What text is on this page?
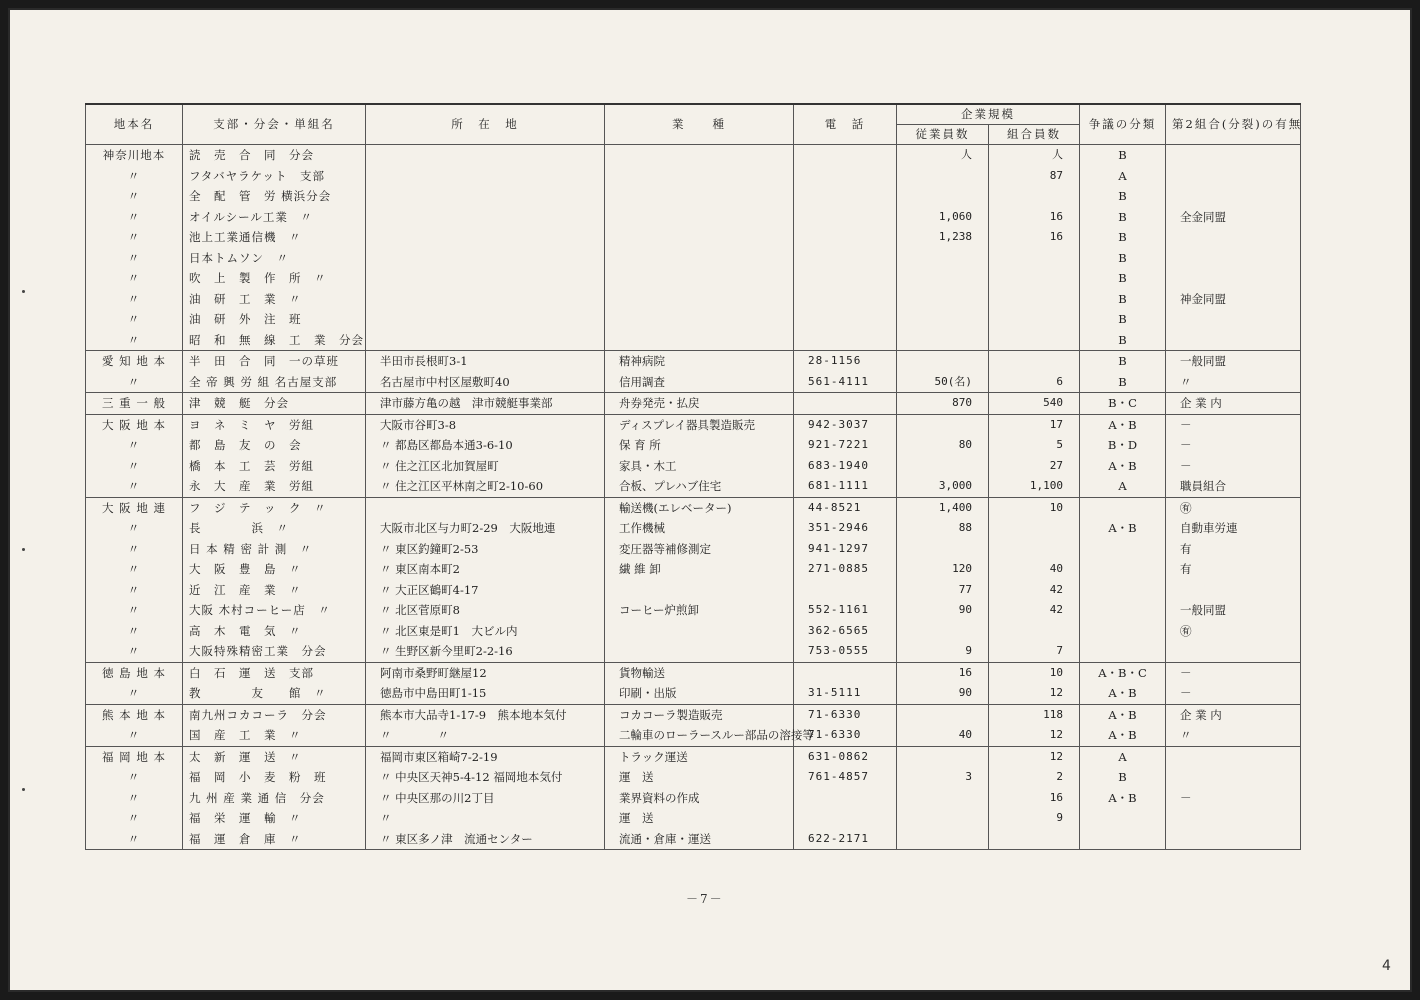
地本名	支部・分会・単組名	所　在　地	業　　種	電　話	企業規模		争議の分類	第2組合(分裂)の有無
					従業員数	組合員数		
神奈川地本	読　売　合　同　分会				人	人	B	
〃	フタバヤラケット　支部					87	A	
〃	全　配　管　労 横浜分会						B	
〃	オイルシール工業　〃				1,060	16	B	全金同盟
〃	池上工業通信機　〃				1,238	16	B	
〃	日本トムソン　〃						B	
〃	吹　上　製　作　所　〃						B	
〃	油　研　工　業　〃						B	神金同盟
〃	油　研　外　注　班						B	
〃	昭　和　無　線　工　業　分会						B	
愛 知 地 本	半　田　合　同　一の草班	半田市長根町3-1	精神病院	28-1156			B	一般同盟
〃	全 帝 興 労 組 名古屋支部	名古屋市中村区屋敷町40	信用調査	561-4111	50(名)	6	B	〃
三 重 一 般	津　競　艇　分会	津市藤方亀の越　津市競艇事業部	舟券発売・払戻		870	540	B・C	企 業 内
大 阪 地 本	ヨ　ネ　ミ　ヤ　労組	大阪市谷町3-8	ディスプレイ器具製造販売	942-3037		17	A・B	－
〃	都　島　友　の　会	〃 都島区都島本通3-6-10	保 育 所	921-7221	80	5	B・D	－
〃	橋　本　工　芸　労組	〃 住之江区北加賀屋町	家具・木工	683-1940		27	A・B	－
〃	永　大　産　業　労組	〃 住之江区平林南之町2-10-60	合板、プレハブ住宅	681-1111	3,000	1,100	A	職員組合
大 阪 地 連	フ　ジ　テ　ッ　ク　〃		輸送機(エレベーター)	44-8521	1,400	10		㊒
〃	長　　　　浜　〃	大阪市北区与力町2-29　大阪地連	工作機械	351-2946	88		A・B	自動車労連
〃	日 本 精 密 計 測　〃	〃 東区釣鐘町2-53	変圧器等補修測定	941-1297				有
〃	大　阪　豊　島　〃	〃 東区南本町2	繊 維 卸	271-0885	120	40		有
〃	近　江　産　業　〃	〃 大正区鶴町4-17			77	42		
〃	大阪 木村コーヒー店　〃	〃 北区菅原町8	コーヒー炉煎卸	552-1161	90	42		一般同盟
〃	高　木　電　気　〃	〃 北区東是町1　大ビル内		362-6565				㊒
〃	大阪特殊精密工業　分会	〃 生野区新今里町2-2-16		753-0555	9	7		
徳 島 地 本	白　石　運　送　支部	阿南市桑野町継屋12	貨物輸送		16	10	A・B・C	－
〃	教　　　　友　　館　〃	徳島市中島田町1-15	印刷・出版	31-5111	90	12	A・B	－
熊 本 地 本	南九州コカコーラ　分会	熊本市大品寺1-17-9　熊本地本気付	コカコーラ製造販売	71-6330		118	A・B	企 業 内
〃	国　産　工　業　〃	〃　　　　〃	二輪車のローラースルー部品の溶接等	71-6330	40	12	A・B	〃
福 岡 地 本	太　新　運　送　〃	福岡市東区箱崎7-2-19	トラック運送	631-0862		12	A	
〃	福　岡　小　麦　粉　班	〃 中央区天神5-4-12 福岡地本気付	運　送	761-4857	3	2	B	
〃	九 州 産 業 通 信　分会	〃 中央区那の川2丁目	業界資料の作成			16	A・B	－
〃	福　栄　運　輸　〃	〃	運　送			9		
〃	福　運　倉　庫　〃	〃 東区多ノ津　流通センター	流通・倉庫・運送	622-2171				
－7－
4
